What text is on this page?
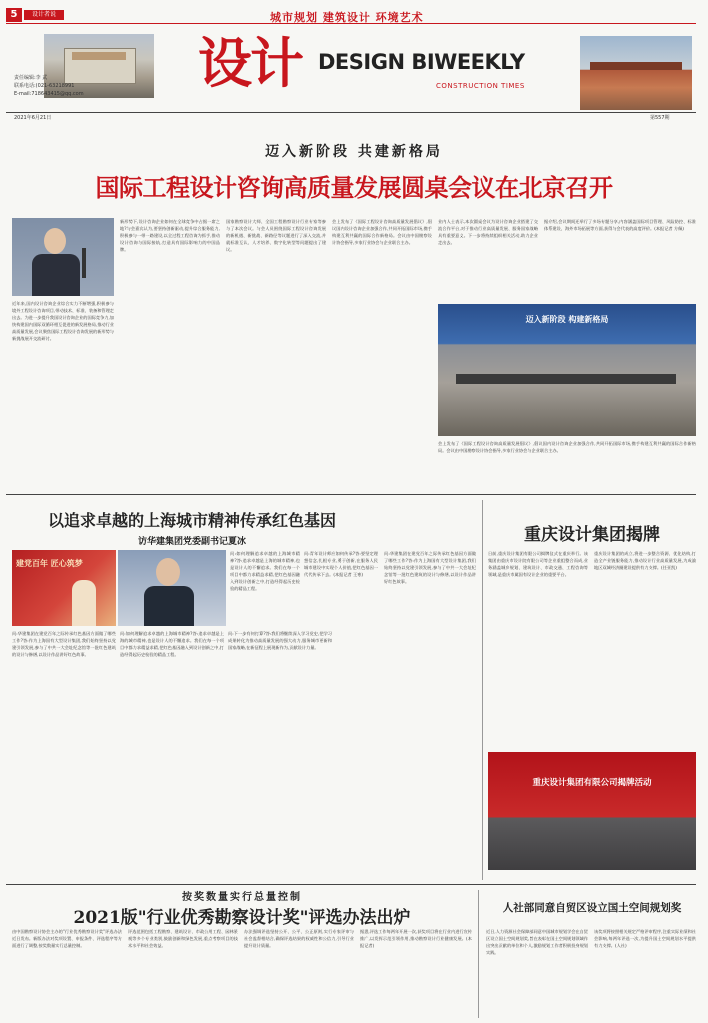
5	设计者说	城市规划 建筑设计 环境艺术
设计 DESIGN BIWEEKLY
CONSTRUCTION TIMES
责任编辑:李 武
联系电话:(021-63218991
E-mail:718643415@qq.com
2021年6月21日	第557期
迈入新阶段 共建新格局
国际工程设计咨询高质量发展圆桌会议在北京召开
近年来,国内设计咨询企业综合实力不断增强,积极参与境外工程设计咨询项目,带动技术、标准、装备和管理走出去。为进一步提升我国设计咨询企业的国际竞争力,加快构建国内国际双循环相互促进的新发展格局,推动行业高质量发展,会议聚焦国际工程设计咨询发展的新形势与新挑战展开交流研讨。
新形势下,设计咨询企业如何在全球竞争中占据一席之地?与会嘉宾认为,要坚持创新驱动,提升综合服务能力,积极参与一带一路建设,以全过程工程咨询为抓手,推动设计咨询与国际接轨,打造具有国际影响力的中国品牌。
国家勘察设计大师、全国工程勘察设计行业专家等参与了本次会议。与会人员围绕国际工程设计咨询发展的新机遇、新挑战、新路径等议题进行了深入交流,并就标准互认、人才培养、数字化转型等问题提出了建议。
会上发布了《国际工程设计咨询高质量发展倡议》,倡议国内设计咨询企业加强合作,共同开拓国际市场,携手构建互利共赢的国际合作新格局。会议由中国勘察设计协会指导,多家行业协会与企业联合主办。
业内人士表示,本次圆桌会议为设计咨询企业搭建了交流合作平台,对于推动行业高质量发展、服务国家战略具有重要意义。下一步将持续组织相关活动,助力企业走出去。
据介绍,会议期间还举行了多场专题分享,内容涵盖国际项目管理、风险防控、标准体系建设、海外市场拓展等方面,获得与会代表的高度评价。(本报记者 方佩)
迈入新阶段 构建新格局
会上发布了《国际工程设计咨询高质量发展倡议》,倡议国内设计咨询企业加强合作,共同开拓国际市场,携手构建互利共赢的国际合作新格局。会议由中国勘察设计协会指导,多家行业协会与企业联合主办。
以追求卓越的上海城市精神传承红色基因
访华建集团党委副书记夏冰
建党百年 匠心筑梦
问:如何理解追求卓越的上海城市精神?答:追求卓越是上海的城市精神,也是设计人的不懈追求。我们在每一个项目中都力求精益求精,把红色基因融入到设计创新之中,打造经得起历史检验的精品工程。
问:华建集团在建党百年之际传承红色基因方面做了哪些工作?答:作为上海国有大型设计集团,我们始终坚持以党建引领发展,参与了中共一大会址纪念馆等一批红色建筑的设计与修缮,以设计作品讲好红色故事。
问:如何理解追求卓越的上海城市精神?答:追求卓越是上海的城市精神,也是设计人的不懈追求。我们在每一个项目中都力求精益求精,把红色基因融入到设计创新之中,打造经得起历史检验的精品工程。
问:下一步有何打算?答:我们将继续深入学习党史,把学习成果转化为推动高质量发展的强大动力,服务城市更新和国家战略,在新征程上展现新作为,贡献设计力量。
问:青年设计师应如何传承?答:要坚定理想信念,扎根专业,勇于创新,在服务人民城市建设中实现个人价值,把红色基因一代代传承下去。(本报记者 王寒)
问:华建集团在建党百年之际传承红色基因方面做了哪些工作?答:作为上海国有大型设计集团,我们始终坚持以党建引领发展,参与了中共一大会址纪念馆等一批红色建筑的设计与修缮,以设计作品讲好红色故事。
重庆设计集团揭牌
日前,重庆设计集团有限公司揭牌仪式在重庆举行。该集团由重庆市设计院有限公司等企业重组整合而成,业务涵盖城乡规划、建筑设计、市政交通、工程咨询等领域,是重庆市属国有设计企业的重要平台。
重庆设计集团的成立,将进一步整合资源、优化结构,打造全产业链服务能力,推动设计行业高质量发展,为成渝地区双城经济圈建设提供有力支撑。(任亚凯)
重庆设计集团有限公司揭牌活动
按奖数量实行总量控制
2021版"行业优秀勘察设计奖"评选办法出炉
由中国勘察设计协会主办的"行业优秀勘察设计奖"评选办法近日发布。新版办法对奖项设置、申报条件、评选程序等方面进行了调整,按奖数量实行总量控制。
评选范围包括工程勘察、建筑设计、市政公用工程、园林景观等多个专业类别,鼓励创新和绿色发展,重点考察项目的技术水平和社会效益。
办法强调评选坚持公开、公平、公正原则,实行专家评审与社会监督相结合,确保评选结果的权威性和公信力,引导行业提升设计质量。
据悉,评选工作每两年开展一次,获奖项目将在行业内进行宣传推广,以发挥示范引领作用,推动勘察设计行业健康发展。(本报记者)
人社部同意自贸区设立国土空间规划奖
近日,人力资源社会保障部同意中国城市规划学会在自贸区设立国土空间规划奖,旨在表彰在国土空间规划领域作出突出贡献的单位和个人,激励规划工作者积极投身规划实践。
该奖项将按照相关规定严格评审程序,注重实际业绩和社会影响,每两年评选一次,为提升国土空间规划水平提供有力支撑。(人社)
